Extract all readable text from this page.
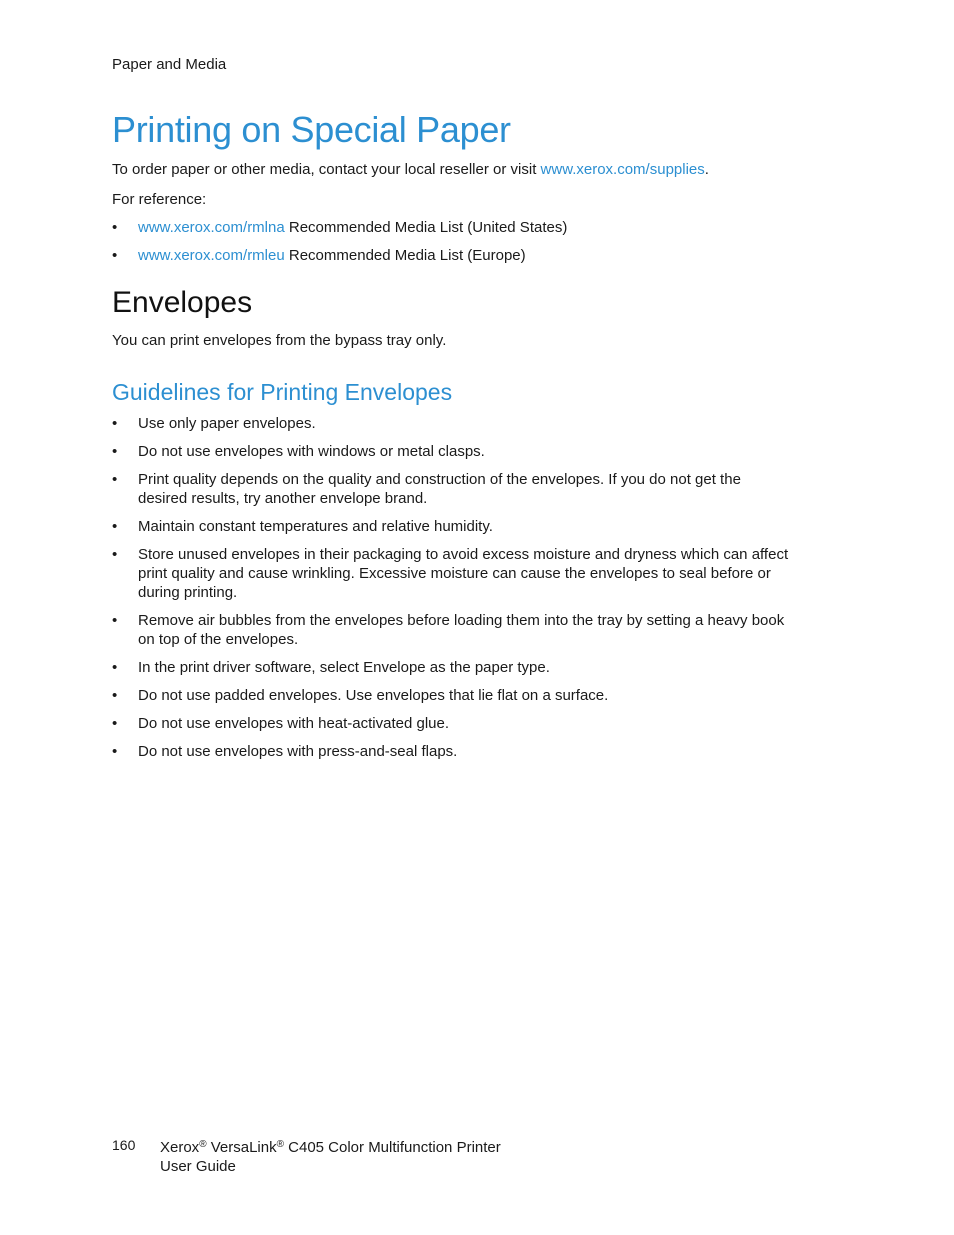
Paper and Media
Printing on Special Paper

To order paper or other media, contact your local reseller or visit www.xerox.com/supplies.

For reference:

•	www.xerox.com/rmlna Recommended Media List (United States)
•	www.xerox.com/rmleu Recommended Media List (Europe)
Envelopes

You can print envelopes from the bypass tray only.

Guidelines for Printing Envelopes
•	Use only paper envelopes.
•	Do not use envelopes with windows or metal clasps.
•	Print quality depends on the quality and construction of the envelopes. If you do not get the
desired results, try another envelope brand.
•	Maintain constant temperatures and relative humidity.
•	Store unused envelopes in their packaging to avoid excess moisture and dryness which can affect
print quality and cause wrinkling. Excessive moisture can cause the envelopes to seal before or
during printing.
•	Remove air bubbles from the envelopes before loading them into the tray by setting a heavy book
on top of the envelopes.
•	In the print driver software, select Envelope as the paper type.
•	Do not use padded envelopes. Use envelopes that lie flat on a surface.
•	Do not use envelopes with heat-activated glue.
•	Do not use envelopes with press-and-seal flaps.
160 Xerox® VersaLink® C405 Color Multifunction Printer
User Guide
